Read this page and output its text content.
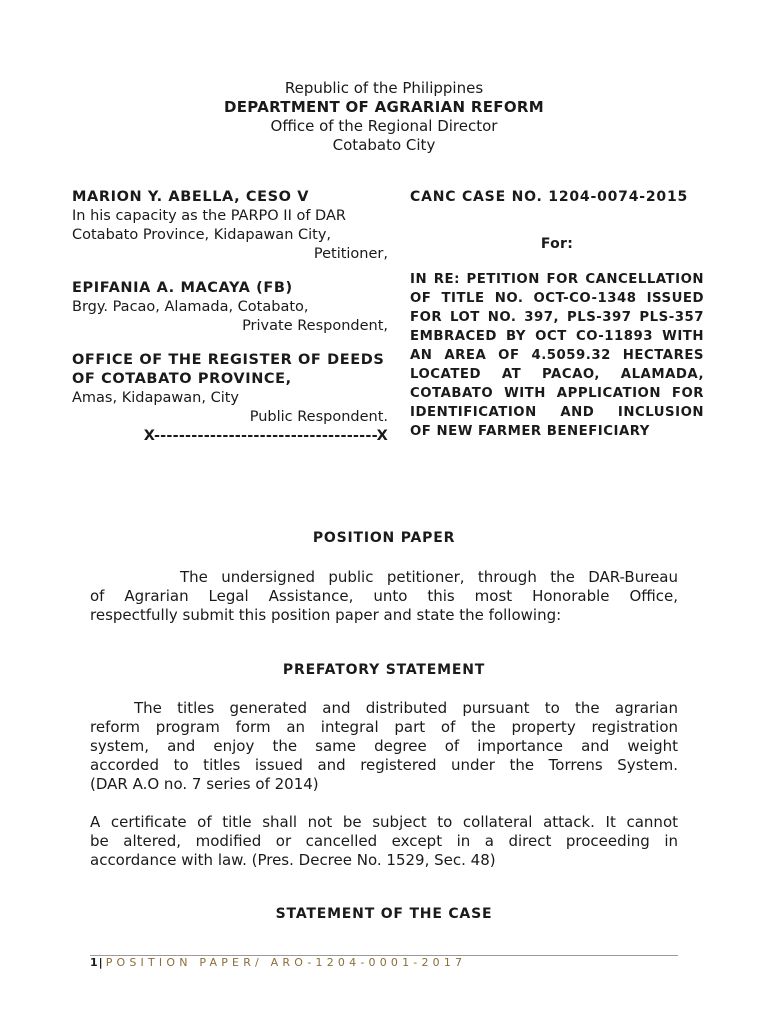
Republic of the Philippines
DEPARTMENT OF AGRARIAN REFORM
Office of the Regional Director
Cotabato City
MARION Y. ABELLA, CESO V
In his capacity as the PARPO II of DAR
Cotabato Province, Kidapawan City,
Petitioner,
EPIFANIA A. MACAYA (FB)
Brgy. Pacao, Alamada, Cotabato,
Private Respondent,
OFFICE OF THE REGISTER OF DEEDS
OF COTABATO PROVINCE,
Amas, Kidapawan, City
Public Respondent.
X------------------------------------X
CANC CASE NO. 1204-0074-2015
For:
IN RE: PETITION FOR CANCELLATION
OF TITLE NO. OCT-CO-1348 ISSUED
FOR LOT NO. 397, PLS-397 PLS-357
EMBRACED BY OCT CO-11893 WITH
AN AREA OF 4.5059.32 HECTARES
LOCATED AT PACAO, ALAMADA,
COTABATO WITH APPLICATION FOR
IDENTIFICATION AND INCLUSION
OF NEW FARMER BENEFICIARY
POSITION PAPER
The undersigned public petitioner, through the DAR-Bureau
of Agrarian Legal Assistance, unto this most Honorable Office,
respectfully submit this position paper and state the following:
PREFATORY STATEMENT
The titles generated and distributed pursuant to the agrarian
reform program form an integral part of the property registration
system, and enjoy the same degree of importance and weight
accorded to titles issued and registered under the Torrens System.
(DAR A.O no. 7 series of 2014)
A certificate of title shall not be subject to collateral attack. It cannot
be altered, modified or cancelled except in a direct proceeding in
accordance with law. (Pres. Decree No. 1529, Sec. 48)
STATEMENT OF THE CASE
1| POSITION PAPER/ ARO-1204-0001-2017
